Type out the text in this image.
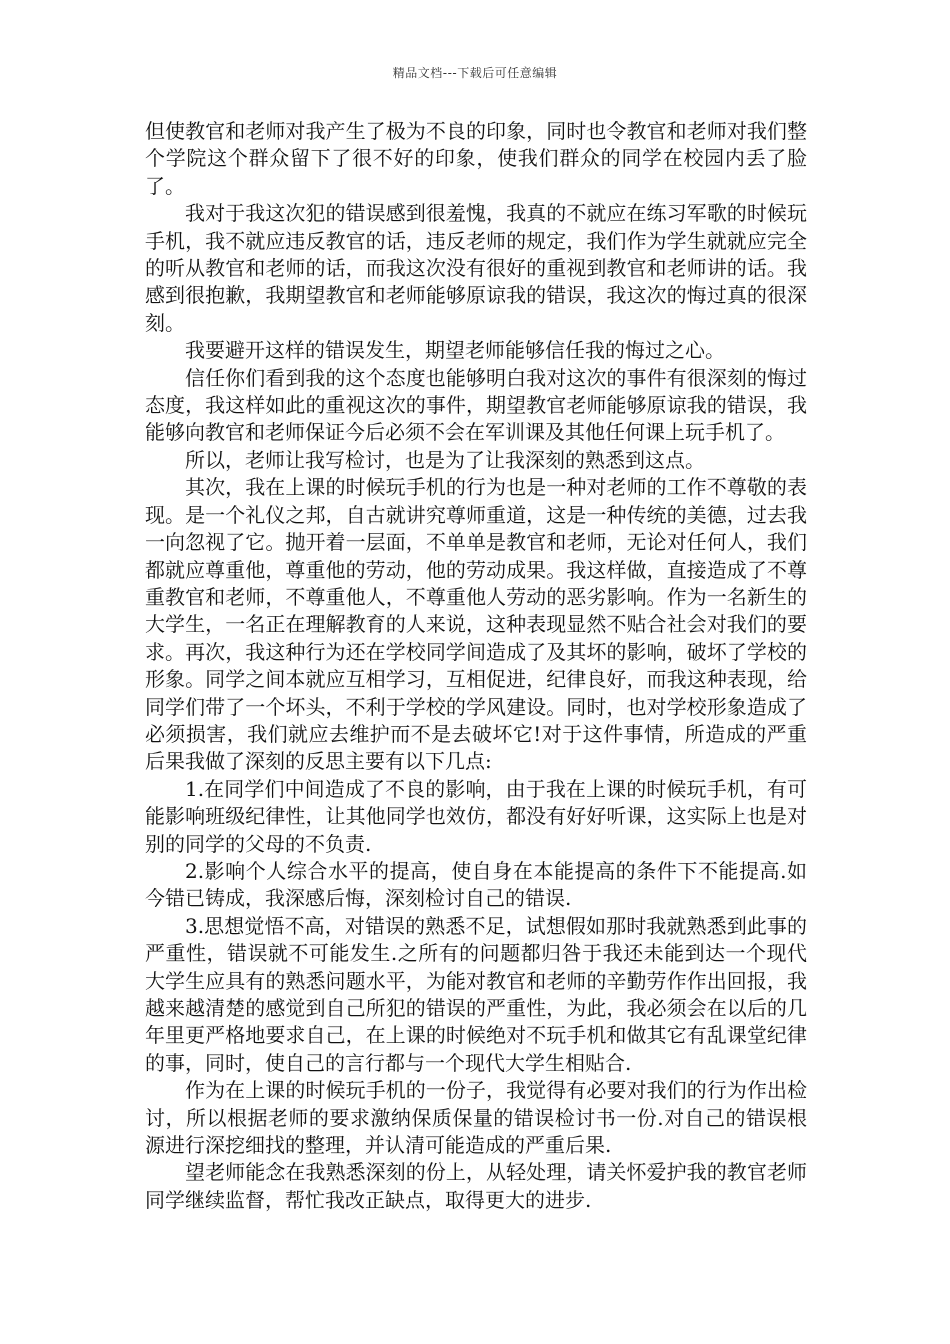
精品文档---下载后可任意编辑

但使教官和老师对我产生了极为不良的印象，同时也令教官和老师对我们整个学院这个群众留下了很不好的印象，使我们群众的同学在校园内丢了脸了。

我对于我这次犯的错误感到很羞愧，我真的不就应在练习军歌的时候玩手机，我不就应违反教官的话，违反老师的规定，我们作为学生就就应完全的听从教官和老师的话，而我这次没有很好的重视到教官和老师讲的话。我感到很抱歉，我期望教官和老师能够原谅我的错误，我这次的悔过真的很深刻。

我要避开这样的错误发生，期望老师能够信任我的悔过之心。

信任你们看到我的这个态度也能够明白我对这次的事件有很深刻的悔过态度，我这样如此的重视这次的事件，期望教官老师能够原谅我的错误，我能够向教官和老师保证今后必须不会在军训课及其他任何课上玩手机了。

所以，老师让我写检讨，也是为了让我深刻的熟悉到这点。

其次，我在上课的时候玩手机的行为也是一种对老师的工作不尊敬的表现。是一个礼仪之邦，自古就讲究尊师重道，这是一种传统的美德，过去我一向忽视了它。抛开着一层面，不单单是教官和老师，无论对任何人，我们都就应尊重他，尊重他的劳动，他的劳动成果。我这样做，直接造成了不尊重教官和老师，不尊重他人，不尊重他人劳动的恶劣影响。作为一名新生的大学生，一名正在理解教育的人来说，这种表现显然不贴合社会对我们的要求。再次，我这种行为还在学校同学间造成了及其坏的影响，破坏了学校的形象。同学之间本就应互相学习，互相促进，纪律良好，而我这种表现，给同学们带了一个坏头，不利于学校的学风建设。同时，也对学校形象造成了必须损害，我们就应去维护而不是去破坏它!对于这件事情，所造成的严重后果我做了深刻的反思主要有以下几点:

1.在同学们中间造成了不良的影响，由于我在上课的时候玩手机，有可能影响班级纪律性，让其他同学也效仿，都没有好好听课，这实际上也是对别的同学的父母的不负责.

2.影响个人综合水平的提高，使自身在本能提高的条件下不能提高.如今错已铸成，我深感后悔，深刻检讨自己的错误.

3.思想觉悟不高，对错误的熟悉不足，试想假如那时我就熟悉到此事的严重性，错误就不可能发生.之所有的问题都归咎于我还未能到达一个现代大学生应具有的熟悉问题水平，为能对教官和老师的辛勤劳作作出回报，我越来越清楚的感觉到自己所犯的错误的严重性，为此，我必须会在以后的几年里更严格地要求自己，在上课的时候绝对不玩手机和做其它有乱课堂纪律的事，同时，使自己的言行都与一个现代大学生相贴合.

作为在上课的时候玩手机的一份子，我觉得有必要对我们的行为作出检讨，所以根据老师的要求激纳保质保量的错误检讨书一份.对自己的错误根源进行深挖细找的整理，并认清可能造成的严重后果.

望老师能念在我熟悉深刻的份上，从轻处理，请关怀爱护我的教官老师同学继续监督，帮忙我改正缺点，取得更大的进步.
